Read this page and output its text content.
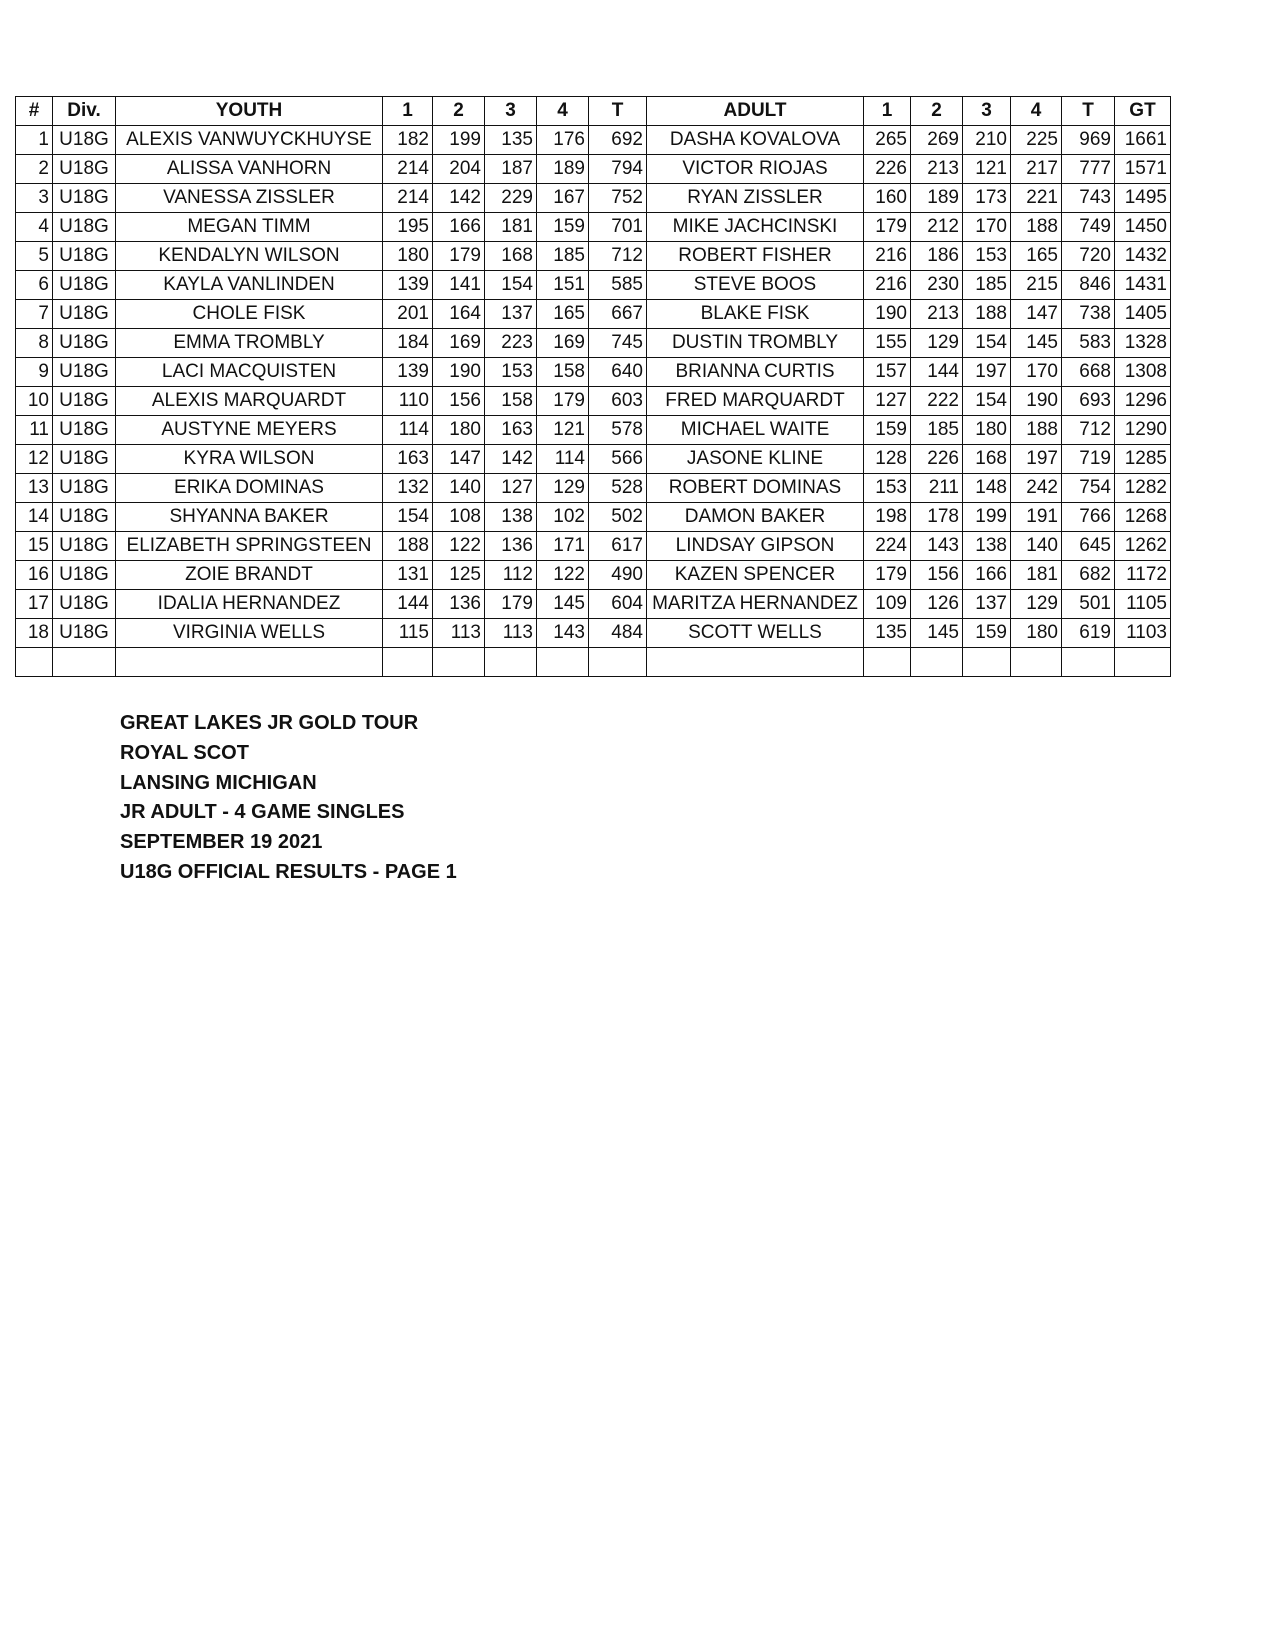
#	Div.	YOUTH	1	2	3	4	T	ADULT	1	2	3	4	T	GT
1	U18G	ALEXIS VANWUYCKHUYSE	182	199	135	176	692	DASHA KOVALOVA	265	269	210	225	969	1661
2	U18G	ALISSA VANHORN	214	204	187	189	794	VICTOR RIOJAS	226	213	121	217	777	1571
3	U18G	VANESSA ZISSLER	214	142	229	167	752	RYAN ZISSLER	160	189	173	221	743	1495
4	U18G	MEGAN TIMM	195	166	181	159	701	MIKE JACHCINSKI	179	212	170	188	749	1450
5	U18G	KENDALYN WILSON	180	179	168	185	712	ROBERT FISHER	216	186	153	165	720	1432
6	U18G	KAYLA VANLINDEN	139	141	154	151	585	STEVE BOOS	216	230	185	215	846	1431
7	U18G	CHOLE FISK	201	164	137	165	667	BLAKE FISK	190	213	188	147	738	1405
8	U18G	EMMA TROMBLY	184	169	223	169	745	DUSTIN TROMBLY	155	129	154	145	583	1328
9	U18G	LACI MACQUISTEN	139	190	153	158	640	BRIANNA CURTIS	157	144	197	170	668	1308
10	U18G	ALEXIS MARQUARDT	110	156	158	179	603	FRED MARQUARDT	127	222	154	190	693	1296
11	U18G	AUSTYNE MEYERS	114	180	163	121	578	MICHAEL WAITE	159	185	180	188	712	1290
12	U18G	KYRA WILSON	163	147	142	114	566	JASONE KLINE	128	226	168	197	719	1285
13	U18G	ERIKA DOMINAS	132	140	127	129	528	ROBERT DOMINAS	153	211	148	242	754	1282
14	U18G	SHYANNA BAKER	154	108	138	102	502	DAMON BAKER	198	178	199	191	766	1268
15	U18G	ELIZABETH SPRINGSTEEN	188	122	136	171	617	LINDSAY GIPSON	224	143	138	140	645	1262
16	U18G	ZOIE BRANDT	131	125	112	122	490	KAZEN SPENCER	179	156	166	181	682	1172
17	U18G	IDALIA HERNANDEZ	144	136	179	145	604	MARITZA HERNANDEZ	109	126	137	129	501	1105
18	U18G	VIRGINIA WELLS	115	113	113	143	484	SCOTT WELLS	135	145	159	180	619	1103

GREAT LAKES JR GOLD TOUR
ROYAL SCOT
LANSING MICHIGAN
JR ADULT - 4 GAME SINGLES
SEPTEMBER 19 2021
U18G OFFICIAL RESULTS - PAGE 1
